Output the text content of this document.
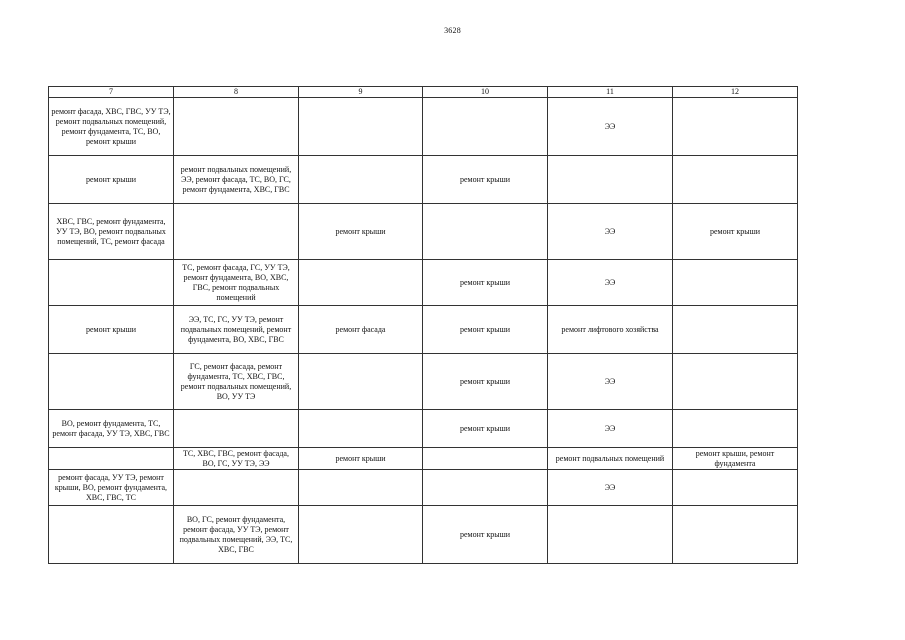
3628
7	8	9	10	11	12
ремонт фасада, ХВС, ГВС, УУ ТЭ, ремонт подвальных помещений, ремонт фундамента, ТС, ВО, ремонт крыши				ЭЭ	
ремонт крыши	ремонт подвальных помещений, ЭЭ, ремонт фасада, ТС, ВО, ГС, ремонт фундамента, ХВС, ГВС		ремонт крыши		
ХВС, ГВС, ремонт фундамента, УУ ТЭ, ВО, ремонт подвальных помещений, ТС, ремонт фасада		ремонт крыши		ЭЭ	ремонт крыши
	ТС, ремонт фасада, ГС, УУ ТЭ, ремонт фундамента, ВО, ХВС, ГВС, ремонт подвальных помещений		ремонт крыши	ЭЭ	
ремонт крыши	ЭЭ, ТС, ГС, УУ ТЭ, ремонт подвальных помещений, ремонт фундамента, ВО, ХВС, ГВС	ремонт фасада	ремонт крыши	ремонт лифтового хозяйства	
	ГС, ремонт фасада, ремонт фундамента, ТС, ХВС, ГВС, ремонт подвальных помещений, ВО, УУ ТЭ		ремонт крыши	ЭЭ	
ВО, ремонт фундамента, ТС, ремонт фасада, УУ ТЭ, ХВС, ГВС			ремонт крыши	ЭЭ	
	ТС, ХВС, ГВС, ремонт фасада, ВО, ГС, УУ ТЭ, ЭЭ	ремонт крыши		ремонт подвальных помещений	ремонт крыши, ремонт фундамента
ремонт фасада, УУ ТЭ, ремонт крыши, ВО, ремонт фундамента, ХВС, ГВС, ТС				ЭЭ	
	ВО, ГС, ремонт фундамента, ремонт фасада, УУ ТЭ, ремонт подвальных помещений, ЭЭ, ТС, ХВС, ГВС		ремонт крыши		
